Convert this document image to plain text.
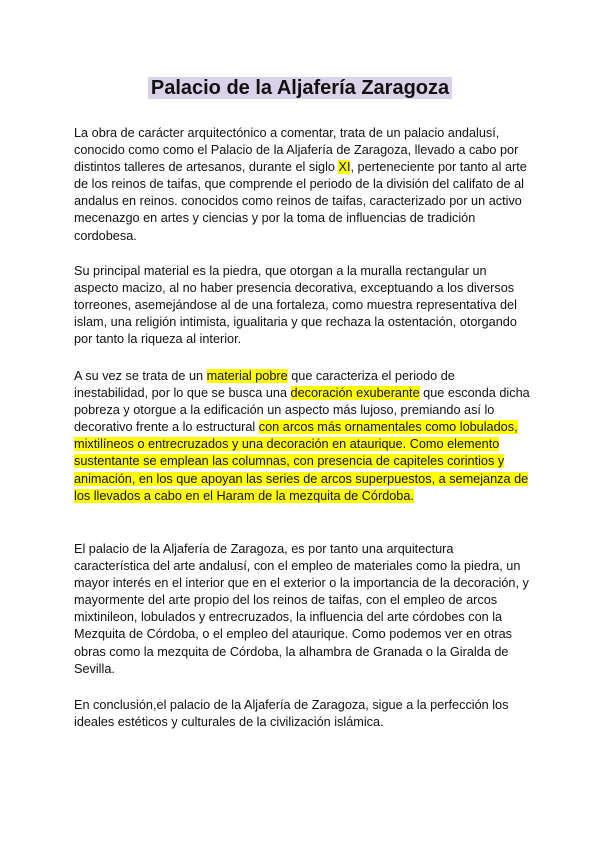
Palacio de la Aljafería Zaragoza

La obra de carácter arquitectónico a comentar, trata de un palacio andalusí, conocido como como el Palacio de la Aljafería de Zaragoza, llevado a cabo por distintos talleres de artesanos, durante el siglo XI, perteneciente por tanto al arte de los reinos de taifas, que comprende el periodo de la división del califato de al andalus en reinos. conocidos como reinos de taifas, caracterizado por un activo mecenazgo en artes y ciencias y por la toma de influencias de tradición cordobesa.

Su principal material es la piedra, que otorgan a la muralla rectangular un aspecto macizo, al no haber presencia decorativa, exceptuando a los diversos torreones, asemejándose al de una fortaleza, como muestra representativa del islam, una religión intimista, igualitaria y que rechaza la ostentación, otorgando por tanto la riqueza al interior.

A su vez se trata de un material pobre que caracteriza el periodo de inestabilidad, por lo que se busca una decoración exuberante que esconda dicha pobreza y otorgue a la edificación un aspecto más lujoso, premiando así lo decorativo frente a lo estructural con arcos más ornamentales como lobulados, mixtilíneos o entrecruzados y una decoración en ataurique. Como elemento sustentante se emplean las columnas, con presencia de capiteles corintios y animación, en los que apoyan las series de arcos superpuestos, a semejanza de los llevados a cabo en el Haram de la mezquita de Córdoba.

El palacio de la Aljafería de Zaragoza, es por tanto una arquitectura característica del arte andalusí, con el empleo de materiales como la piedra, un mayor interés en el interior que en el exterior o la importancia de la decoración, y mayormente del arte propio del los reinos de taifas, con el empleo de arcos mixtinileon, lobulados y entrecruzados, la influencia del arte córdobes con la Mezquita de Córdoba, o el empleo del ataurique. Como podemos ver en otras obras como la mezquita de Córdoba, la alhambra de Granada o la Giralda de Sevilla.

En conclusión,el palacio de la Aljafería de Zaragoza, sigue a la perfección los ideales estéticos y culturales de la civilización islámica.
